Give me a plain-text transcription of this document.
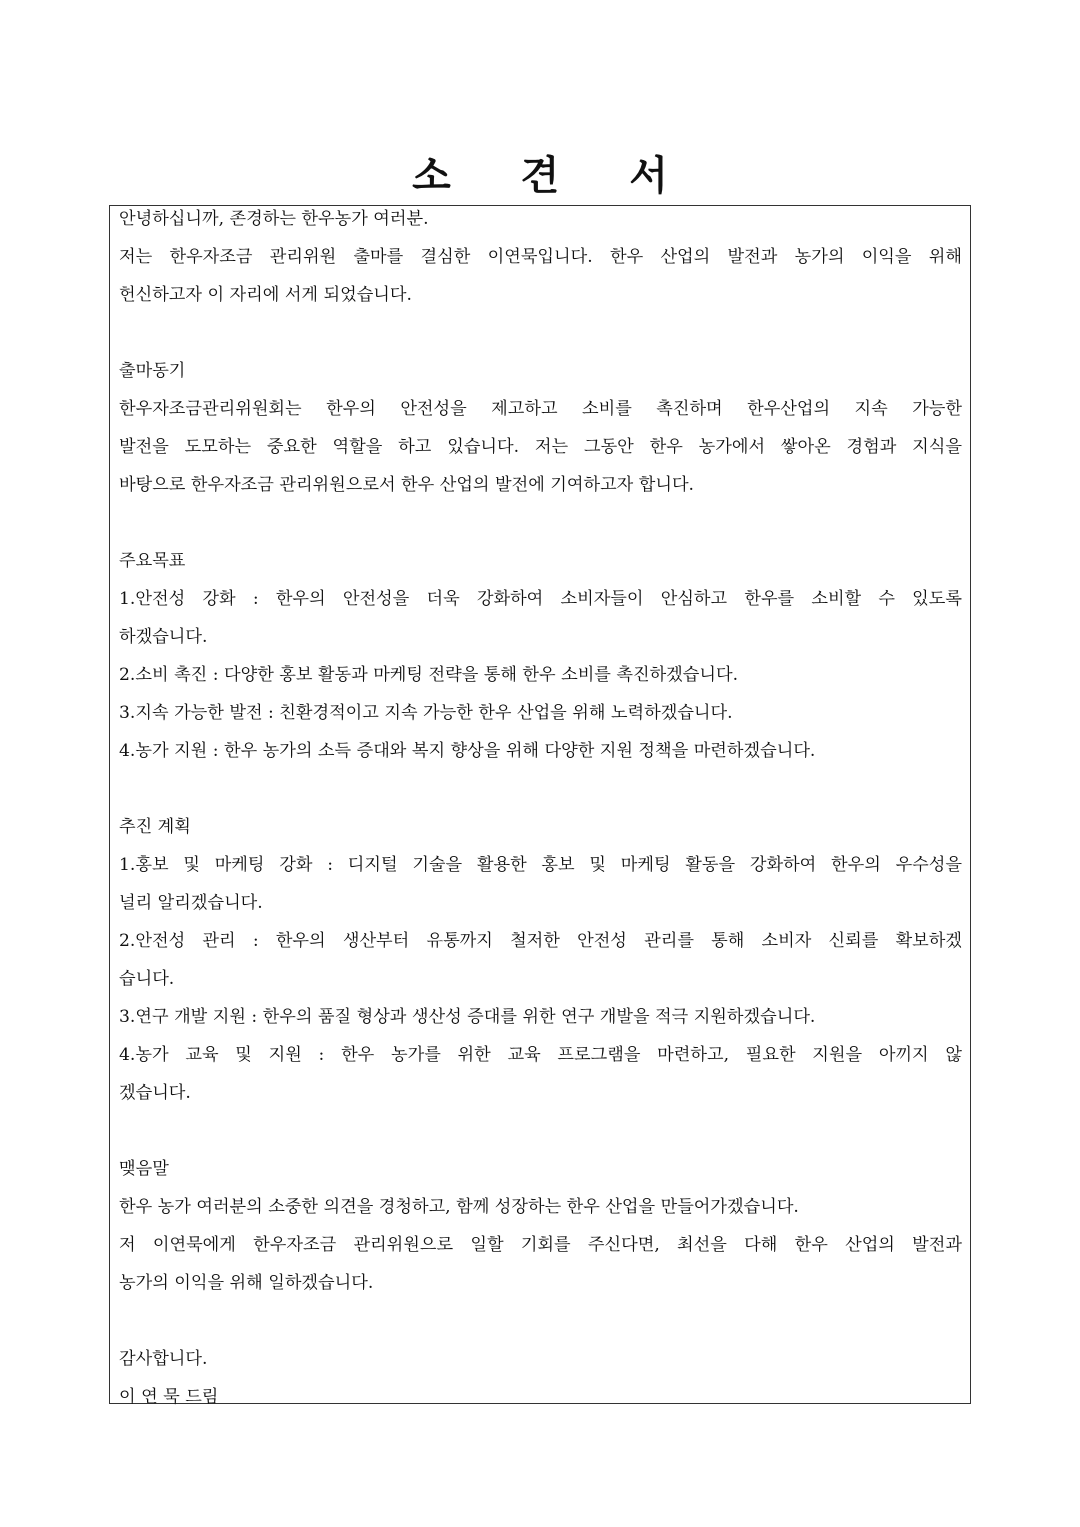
소 견 서

안녕하십니까, 존경하는 한우농가 여러분.

저는 한우자조금 관리위원 출마를 결심한 이연묵입니다. 한우 산업의 발전과 농가의 이익을 위해

헌신하고자 이 자리에 서게 되었습니다.

출마동기

한우자조금관리위원회는 한우의 안전성을 제고하고 소비를 촉진하며 한우산업의 지속 가능한

발전을 도모하는 중요한 역할을 하고 있습니다. 저는 그동안 한우 농가에서 쌓아온 경험과 지식을

바탕으로 한우자조금 관리위원으로서 한우 산업의 발전에 기여하고자 합니다.

주요목표

1.안전성 강화 : 한우의 안전성을 더욱 강화하여 소비자들이 안심하고 한우를 소비할 수 있도록

하겠습니다.

2.소비 촉진 : 다양한 홍보 활동과 마케팅 전략을 통해 한우 소비를 촉진하겠습니다.

3.지속 가능한 발전 : 친환경적이고 지속 가능한 한우 산업을 위해 노력하겠습니다.

4.농가 지원 : 한우 농가의 소득 증대와 복지 향상을 위해 다양한 지원 정책을 마련하겠습니다.

추진 계획

1.홍보 및 마케팅 강화 : 디지털 기술을 활용한 홍보 및 마케팅 활동을 강화하여 한우의 우수성을

널리 알리겠습니다.

2.안전성 관리 : 한우의 생산부터 유통까지 철저한 안전성 관리를 통해 소비자 신뢰를 확보하겠

습니다.

3.연구 개발 지원 : 한우의 품질 형상과 생산성 증대를 위한 연구 개발을 적극 지원하겠습니다.

4.농가 교육 및 지원 : 한우 농가를 위한 교육 프로그램을 마련하고, 필요한 지원을 아끼지 않

겠습니다.

맺음말

한우 농가 여러분의 소중한 의견을 경청하고, 함께 성장하는 한우 산업을 만들어가겠습니다.

저 이연묵에게 한우자조금 관리위원으로 일할 기회를 주신다면, 최선을 다해 한우 산업의 발전과

농가의 이익을 위해 일하겠습니다.

감사합니다.

이 연 묵 드림
